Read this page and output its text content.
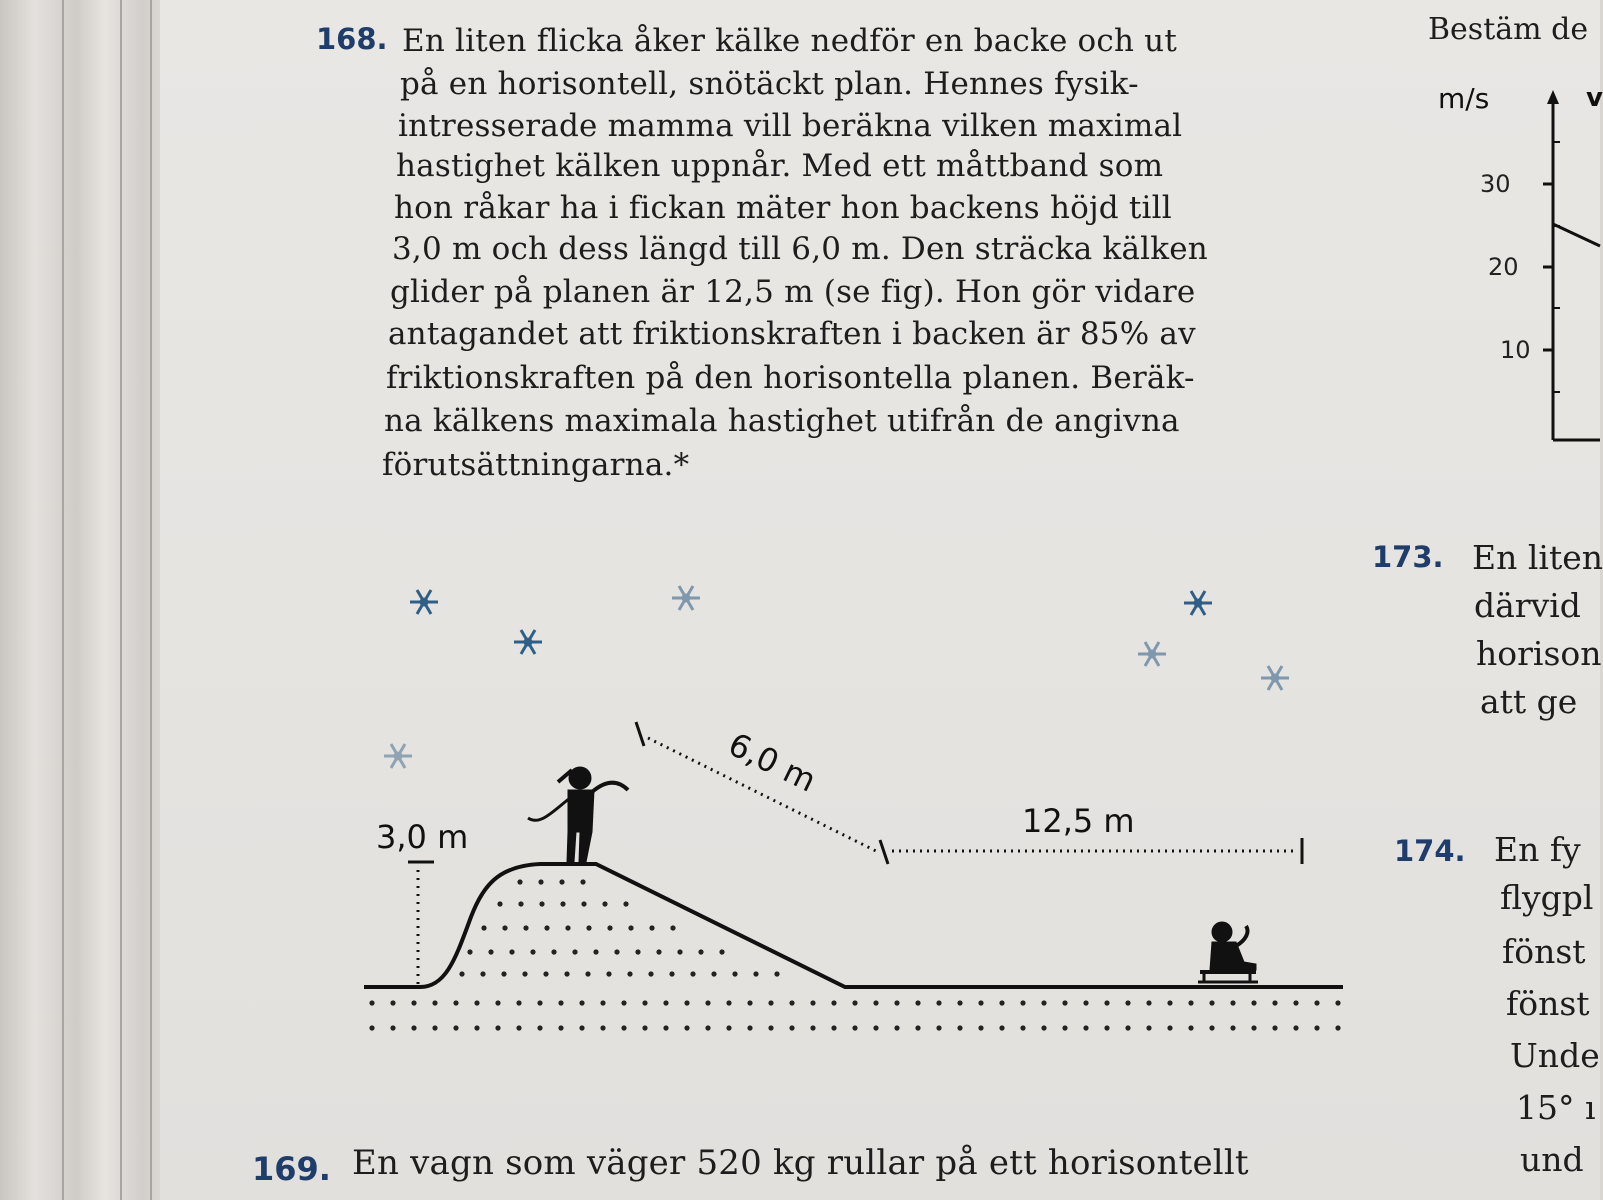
168. En liten flicka åker kälke nedför en backe och ut
på en horisontell, snötäckt plan. Hennes fysik-
intresserade mamma vill beräkna vilken maximal
hastighet kälken uppnår. Med ett måttband som
hon råkar ha i fickan mäter hon backens höjd till
3,0 m och dess längd till 6,0 m. Den sträcka kälken
glider på planen är 12,5 m (se fig). Hon gör vidare
antagandet att friktionskraften i backen är 85% av
friktionskraften på den horisontella planen. Beräk-
na kälkens maximala hastighet utifrån de angivna
förutsättningarna.*
3,0 m
6,0 m
12,5 m
30
20
10
m/s	v
Bestäm de
173. En liten
därvid
horison
att ge
174. En fy
flygpl
fönst
fönst
Unde
15° ı
und
169. En vagn som väger 520 kg rullar på ett horisontellt
